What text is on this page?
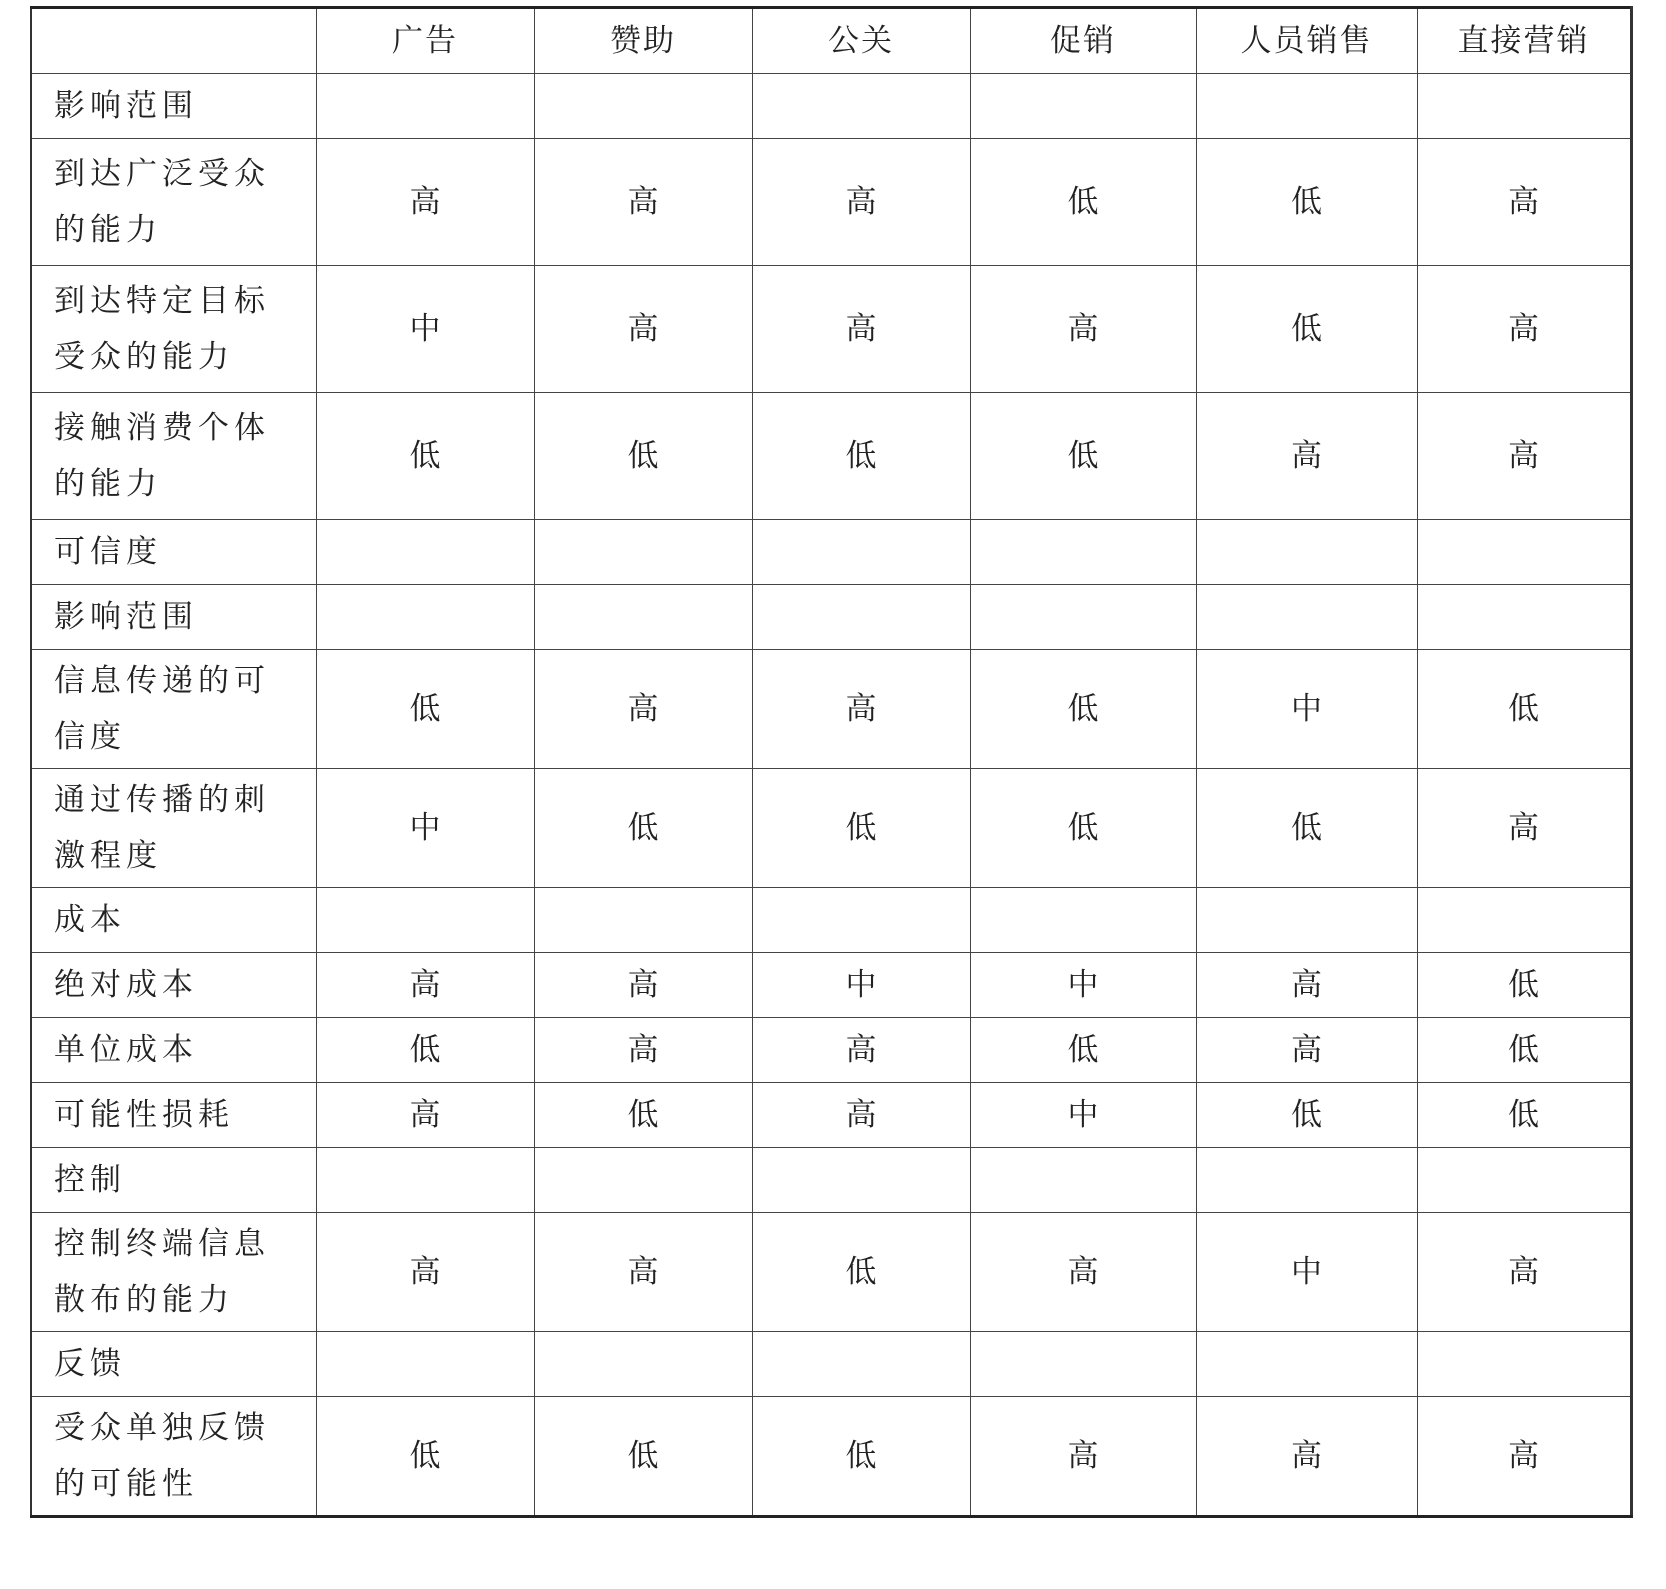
	广告	赞助	公关	促销	人员销售	直接营销
影响范围						
到达广泛受众的能力	高	高	高	低	低	高
到达特定目标受众的能力	中	高	高	高	低	高
接触消费个体的能力	低	低	低	低	高	高
可信度						
影响范围						
信息传递的可信度	低	高	高	低	中	低
通过传播的刺激程度	中	低	低	低	低	高
成本						
绝对成本	高	高	中	中	高	低
单位成本	低	高	高	低	高	低
可能性损耗	高	低	高	中	低	低
控制						
控制终端信息散布的能力	高	高	低	高	中	高
反馈						
受众单独反馈的可能性	低	低	低	高	高	高
